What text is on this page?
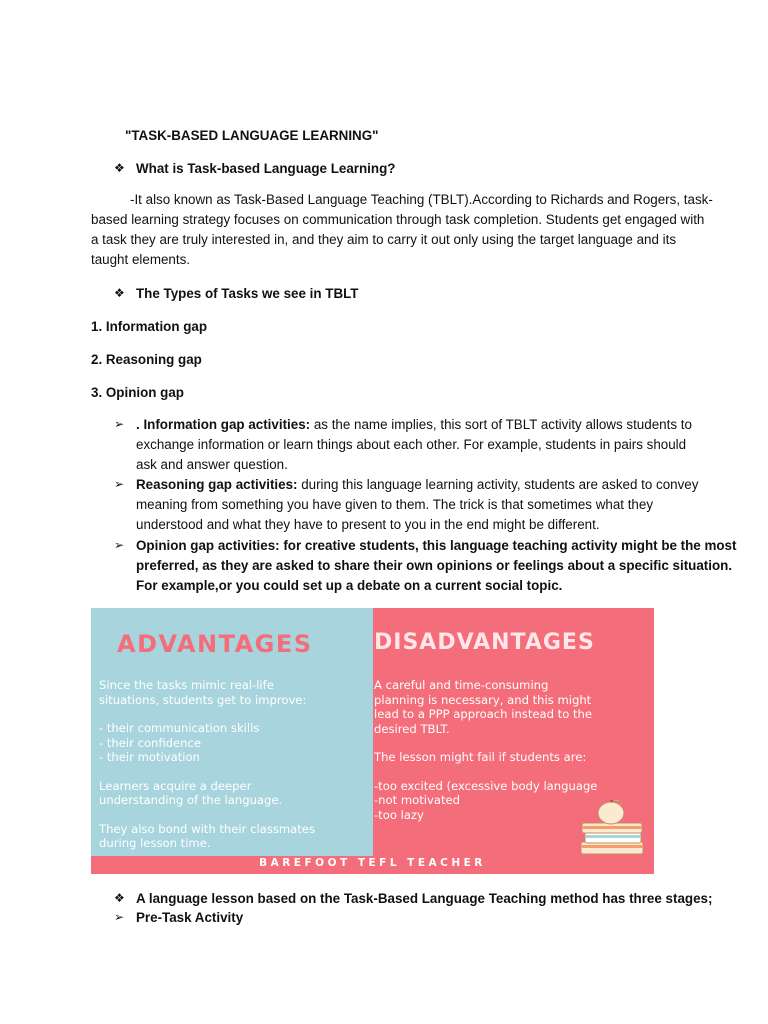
"TASK-BASED LANGUAGE LEARNING"
❖ What is Task-based Language Learning?
-It also known as Task-Based Language Teaching (TBLT).According to Richards and Rogers, task-
based learning strategy focuses on communication through task completion. Students get engaged with
a task they are truly interested in, and they aim to carry it out only using the target language and its
taught elements.
❖ The Types of Tasks we see in TBLT
1. Information gap
2. Reasoning gap
3. Opinion gap
➢ . Information gap activities: as the name implies, this sort of TBLT activity allows students to
exchange information or learn things about each other. For example, students in pairs should
ask and answer question.
➢ Reasoning gap activities: during this language learning activity, students are asked to convey
meaning from something you have given to them. The trick is that sometimes what they
understood and what they have to present to you in the end might be different.
➢ Opinion gap activities: for creative students, this language teaching activity might be the most
preferred, as they are asked to share their own opinions or feelings about a specific situation.
For example,or you could set up a debate on a current social topic.
ADVANTAGES	DISADVANTAGES
Since the tasks mimic real-life
situations, students get to improve:
- their communication skills
- their confidence
- their motivation
Learners acquire a deeper
understanding of the language.
They also bond with their classmates
during lesson time.
A careful and time-consuming
planning is necessary, and this might
lead to a PPP approach instead to the
desired TBLT.
The lesson might fail if students are:
-too excited (excessive body language
-not motivated
-too lazy
BAREFOOT TEFL TEACHER
❖ A language lesson based on the Task-Based Language Teaching method has three stages;
➢ Pre-Task Activity
